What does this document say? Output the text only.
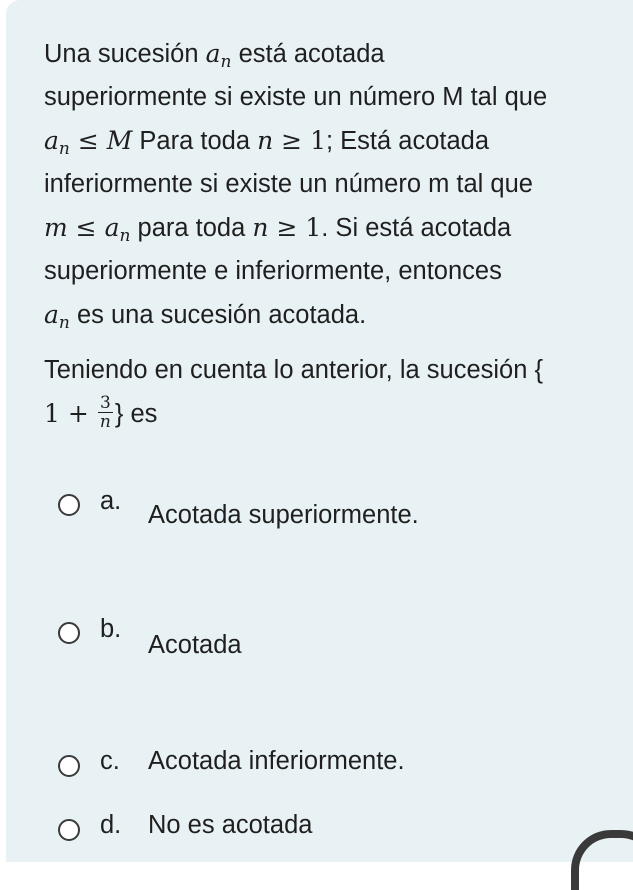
Una sucesión $a_n$ está acotada
superiormente si existe un número M tal que
$a_n \le M$ Para toda n ≥ 1; Está acotada
inferiormente si existe un número m tal que
$m \le a_n$ para toda n ≥ 1. Si está acotada
superiormente e inferiormente, entonces
$a_n$ es una sucesión acotada.
Teniendo en cuenta lo anterior, la sucesión {
$1 + \frac{3}{n}$ } es
a. Acotada superiormente.
b.
Acotada
c. Acotada inferiormente.
d. No es acotada
